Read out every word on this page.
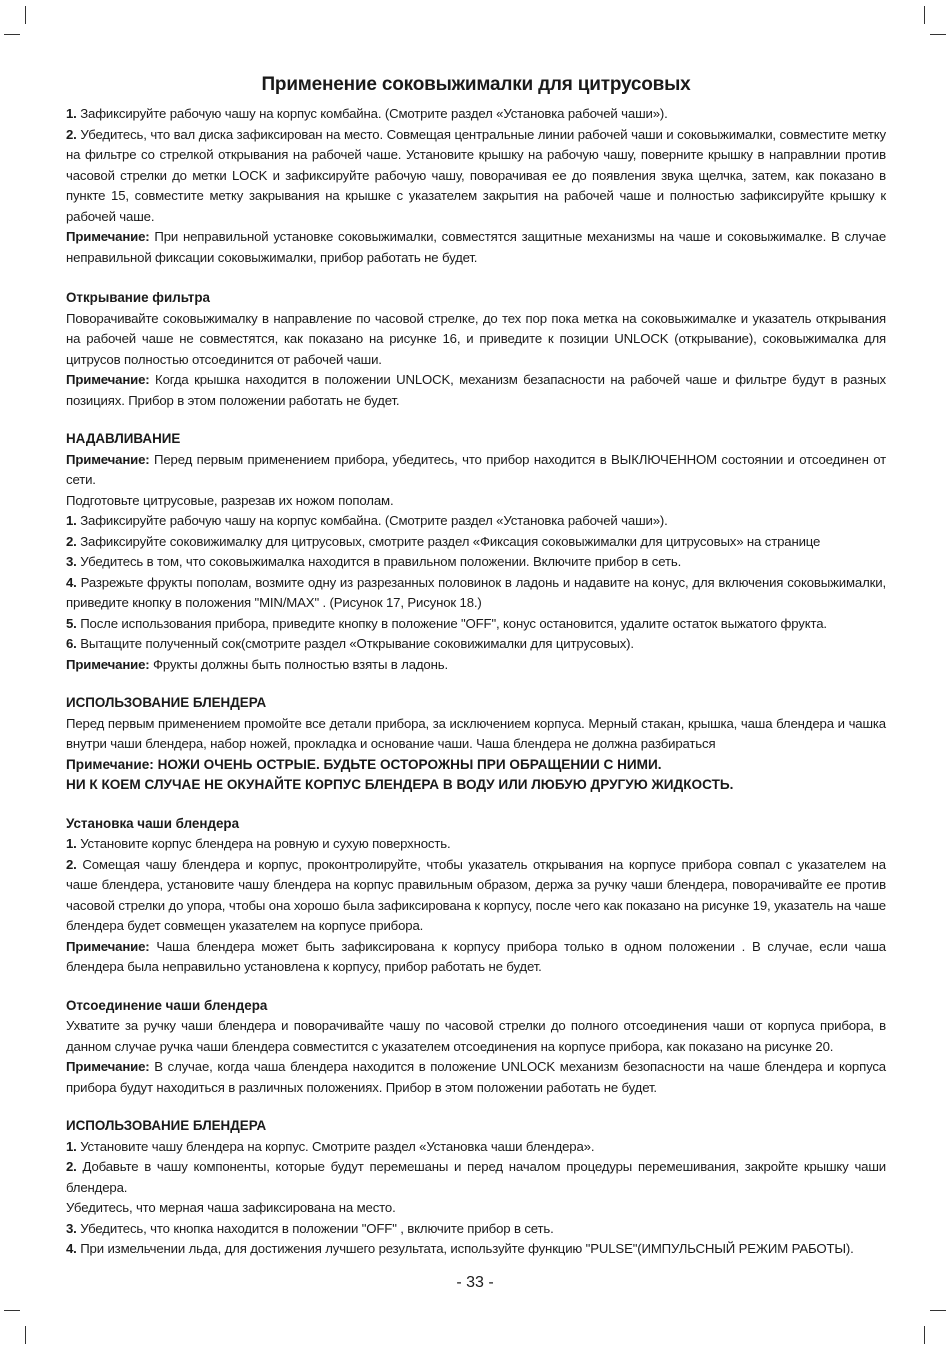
Применение соковыжималки для цитрусовых

1. Зафиксируйте рабочую чашу на корпус комбайна. (Смотрите раздел «Установка рабочей чаши»).

2. Убедитесь, что вал диска зафиксирован на место. Совмещая центральные линии рабочей чаши и соковыжималки, совместите метку на фильтре со стрелкой открывания на рабочей чаше. Установите крышку на рабочую чашу, поверните крышку в направлнии против часовой стрелки до метки LOCK и зафиксируйте рабочую чашу, поворачивая ее до появления звука щелчка, затем, как показано в пункте 15, совместите метку закрывания на крышке с указателем закрытия на рабочей чаше и полностью зафиксируйте крышку к рабочей чаше.

Примечание: При неправильной установке соковыжималки, совместятся защитные механизмы на чаше и соковыжималке. В случае неправильной фиксации соковыжималки, прибор работать не будет.

Открывание фильтра

Поворачивайте соковыжималку в направление по часовой стрелке, до тех пор пока метка на соковыжималке и указатель открывания на рабочей чаше не совместятся, как показано на рисунке 16, и приведите к позиции UNLOCK (открывание), соковыжималка для цитрусов полностью отсоединится от рабочей чаши.

Примечание: Когда крышка находится в положении UNLOCK, механизм безапасности на рабочей чаше и фильтре будут в разных позициях. Прибор в этом положении работать не будет.

НАДАВЛИВАНИЕ

Примечание: Перед первым применением прибора, убедитесь, что прибор находится в ВЫКЛЮЧЕННОМ состоянии и отсоединен от сети.

Подготовьте цитрусовые, разрезав их ножом пополам.

1. Зафиксируйте рабочую чашу на корпус комбайна. (Смотрите раздел «Установка рабочей чаши»).

2. Зафиксируйте соковижималку для цитрусовых, смотрите раздел «Фиксация соковыжималки для цитрусовых» на странице

3. Убедитесь в том, что соковыжималка находится в правильном положении. Включите прибор в сеть.

4. Разрежьте фрукты пополам, возмите одну из разрезанных половинок в ладонь и надавите на конус, для включения соковыжималки, приведите кнопку в положения "MIN/MAX" . (Рисунок 17, Рисунок 18.)

5. После использования прибора, приведите кнопку в положение "OFF", конус остановится, удалите остаток выжатого фрукта.

6. Вытащите полученный сок(смотрите раздел «Открывание соковижималки для цитрусовых).

Примечание: Фрукты должны быть полностью взяты в ладонь.

ИСПОЛЬЗОВАНИЕ БЛЕНДЕРА

Перед первым применением промойте все детали прибора, за исключением корпуса. Мерный стакан, крышка, чаша блендера и чашка внутри чаши блендера, набор ножей, прокладка и основание чаши. Чаша блендера не должна разбираться

Примечание: НОЖИ ОЧЕНЬ ОСТРЫЕ. БУДЬТЕ ОСТОРОЖНЫ ПРИ ОБРАЩЕНИИ С НИМИ.

НИ К КОЕМ СЛУЧАЕ НЕ ОКУНАЙТЕ КОРПУС БЛЕНДЕРА В ВОДУ ИЛИ ЛЮБУЮ ДРУГУЮ ЖИДКОСТЬ.

Установка чаши блендера

1. Установите корпус блендера на ровную и сухую поверхность.

2. Сомещая чашу блендера и корпус, проконтролируйте, чтобы указатель открывания на корпусе прибора совпал с указателем на чаше блендера, установите чашу блендера на корпус правильным образом, держа за ручку чаши блендера, поворачивайте ее против часовой стрелки до упора, чтобы она хорошо была зафиксирована к корпусу, после чего как показано на рисунке 19, указатель на чаше блендера будет совмещен указателем на корпусе прибора.

Примечание: Чаша блендера может быть зафиксирована к корпусу прибора только в одном положении . В случае, если чаша блендера была неправильно установлена к корпусу, прибор работать не будет.

Отсоединение чаши блендера

Ухватите за ручку чаши блендера и поворачивайте чашу по часовой стрелки до полного отсоединения чаши от корпуса прибора, в данном случае ручка чаши блендера совместится с указателем отсоединения на корпусе прибора, как показано на рисунке 20.

Примечание: В случае, когда чаша блендера находится в положение UNLOCK механизм безопасности на чаше блендера и корпуса прибора будут находиться в различных положениях. Прибор в этом положении работать не будет.

ИСПОЛЬЗОВАНИЕ БЛЕНДЕРА

1. Установите чашу блендера на корпус. Смотрите раздел «Установка чаши блендера».

2. Добавьте в чашу компоненты, которые будут перемешаны и перед началом процедуры перемешивания, закройте крышку чаши блендера.

Убедитесь, что мерная чаша зафиксирована на место.

3. Убедитесь, что кнопка находится в положении "OFF" , включите прибор в сеть.

4. При измельчении льда, для достижения лучшего результата, используйте функцию "PULSE"(ИМПУЛЬСНЫЙ РЕЖИМ РАБОТЫ).

- 33 -
